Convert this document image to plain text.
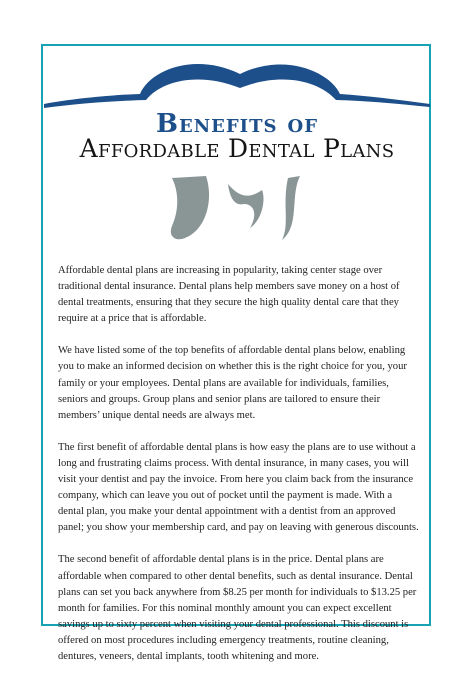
Benefits of
Affordable Dental Plans

Affordable dental plans are increasing in popularity, taking center stage over traditional dental insurance. Dental plans help members save money on a host of dental treatments, ensuring that they secure the high quality dental care that they require at a price that is affordable.

We have listed some of the top benefits of affordable dental plans below, enabling you to make an informed decision on whether this is the right choice for you, your family or your employees. Dental plans are available for individuals, families, seniors and groups. Group plans and senior plans are tailored to ensure their members’ unique dental needs are always met.

The first benefit of affordable dental plans is how easy the plans are to use without a long and frustrating claims process. With dental insurance, in many cases, you will visit your dentist and pay the invoice. From here you claim back from the insurance company, which can leave you out of pocket until the payment is made. With a dental plan, you make your dental appointment with a dentist from an approved panel; you show your membership card, and pay on leaving with generous discounts.

The second benefit of affordable dental plans is in the price. Dental plans are affordable when compared to other dental benefits, such as dental insurance. Dental plans can set you back anywhere from $8.25 per month for individuals to $13.25 per month for families. For this nominal monthly amount you can expect excellent savings up to sixty percent when visiting your dental professional. This discount is offered on most procedures including emergency treatments, routine cleaning, dentures, veneers, dental implants, tooth whitening and more.
